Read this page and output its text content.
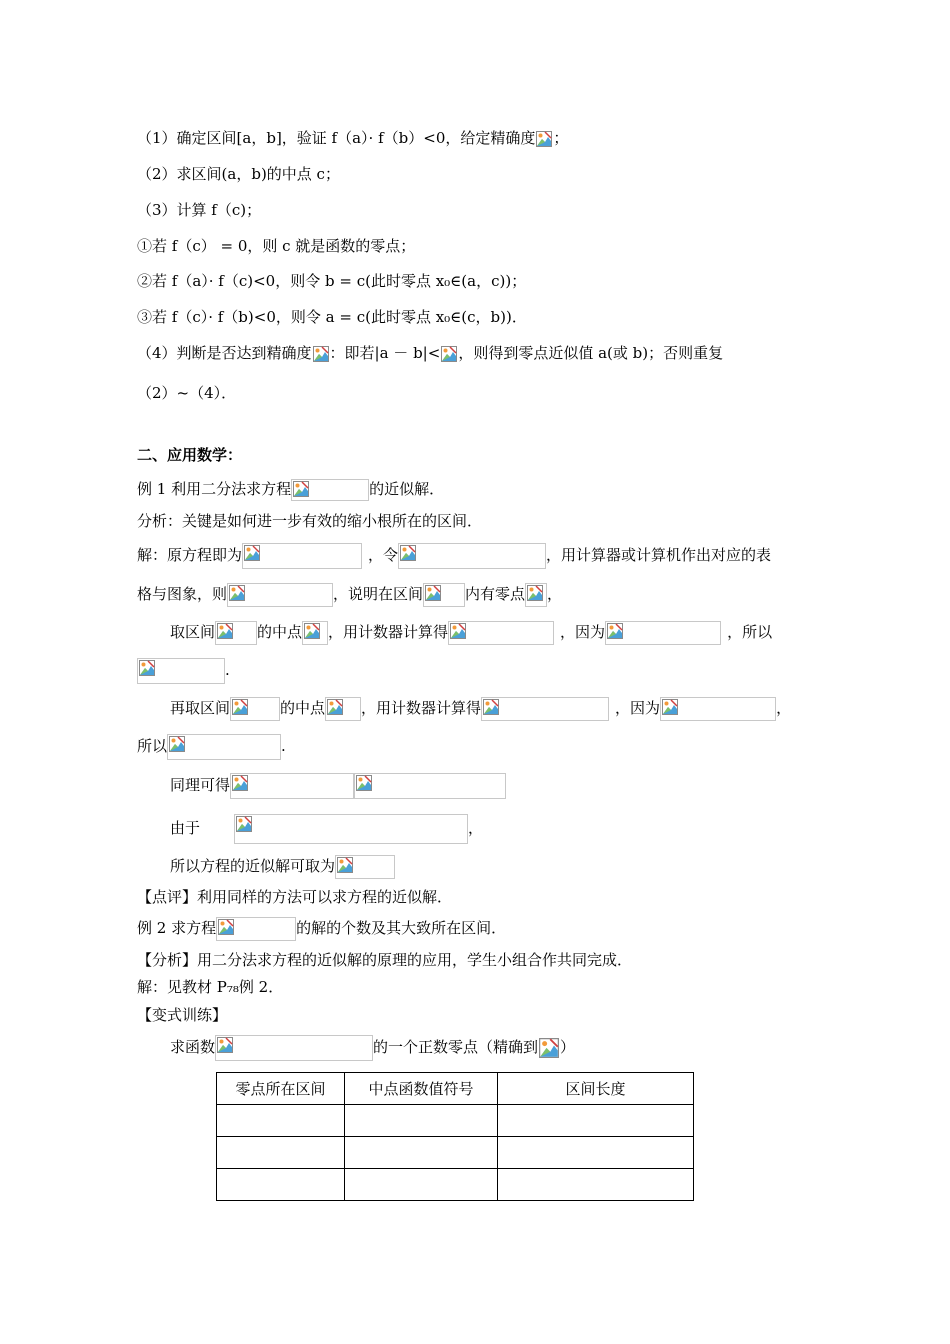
（1）确定区间[a，b]，验证 f（a）· f（b）<0，给定精确度 ；
（2）求区间(a，b)的中点 c；
（3）计算 f（c)；
①若 f（c） = 0，则 c 就是函数的零点；
②若 f（a）· f（c)<0，则令 b = c(此时零点 x₀∈(a，c))；
③若 f（c）· f（b)<0，则令 a = c(此时零点 x₀∈(c，b))．
（4）判断是否达到精确度 ：即若|a － b|< ，则得到零点近似值 a(或 b)；否则重复
（2）~（4）．
二、应用数学：
例 1 利用二分法求方程	的近似解．
分析：关键是如何进一步有效的缩小根所在的区间．
解：原方程即为	，令	，用计算器或计算机作出对应的表
格与图象，则	，说明在区间	内有零点 ，
取区间	的中点 ，用计数器计算得	，因为	，所以
.
再取区间	的中点 ，用计数器计算得	，因为	，
所以	.
同理可得
由于	，
所以方程的近似解可取为
【点评】利用同样的方法可以求方程的近似解．
例 2 求方程	的解的个数及其大致所在区间．
【分析】用二分法求方程的近似解的原理的应用，学生小组合作共同完成．
解：见教材 P₇₈例 2．
【变式训练】
求函数	的一个正数零点（精确到 ）
零点所在区间	中点函数值符号	区间长度
